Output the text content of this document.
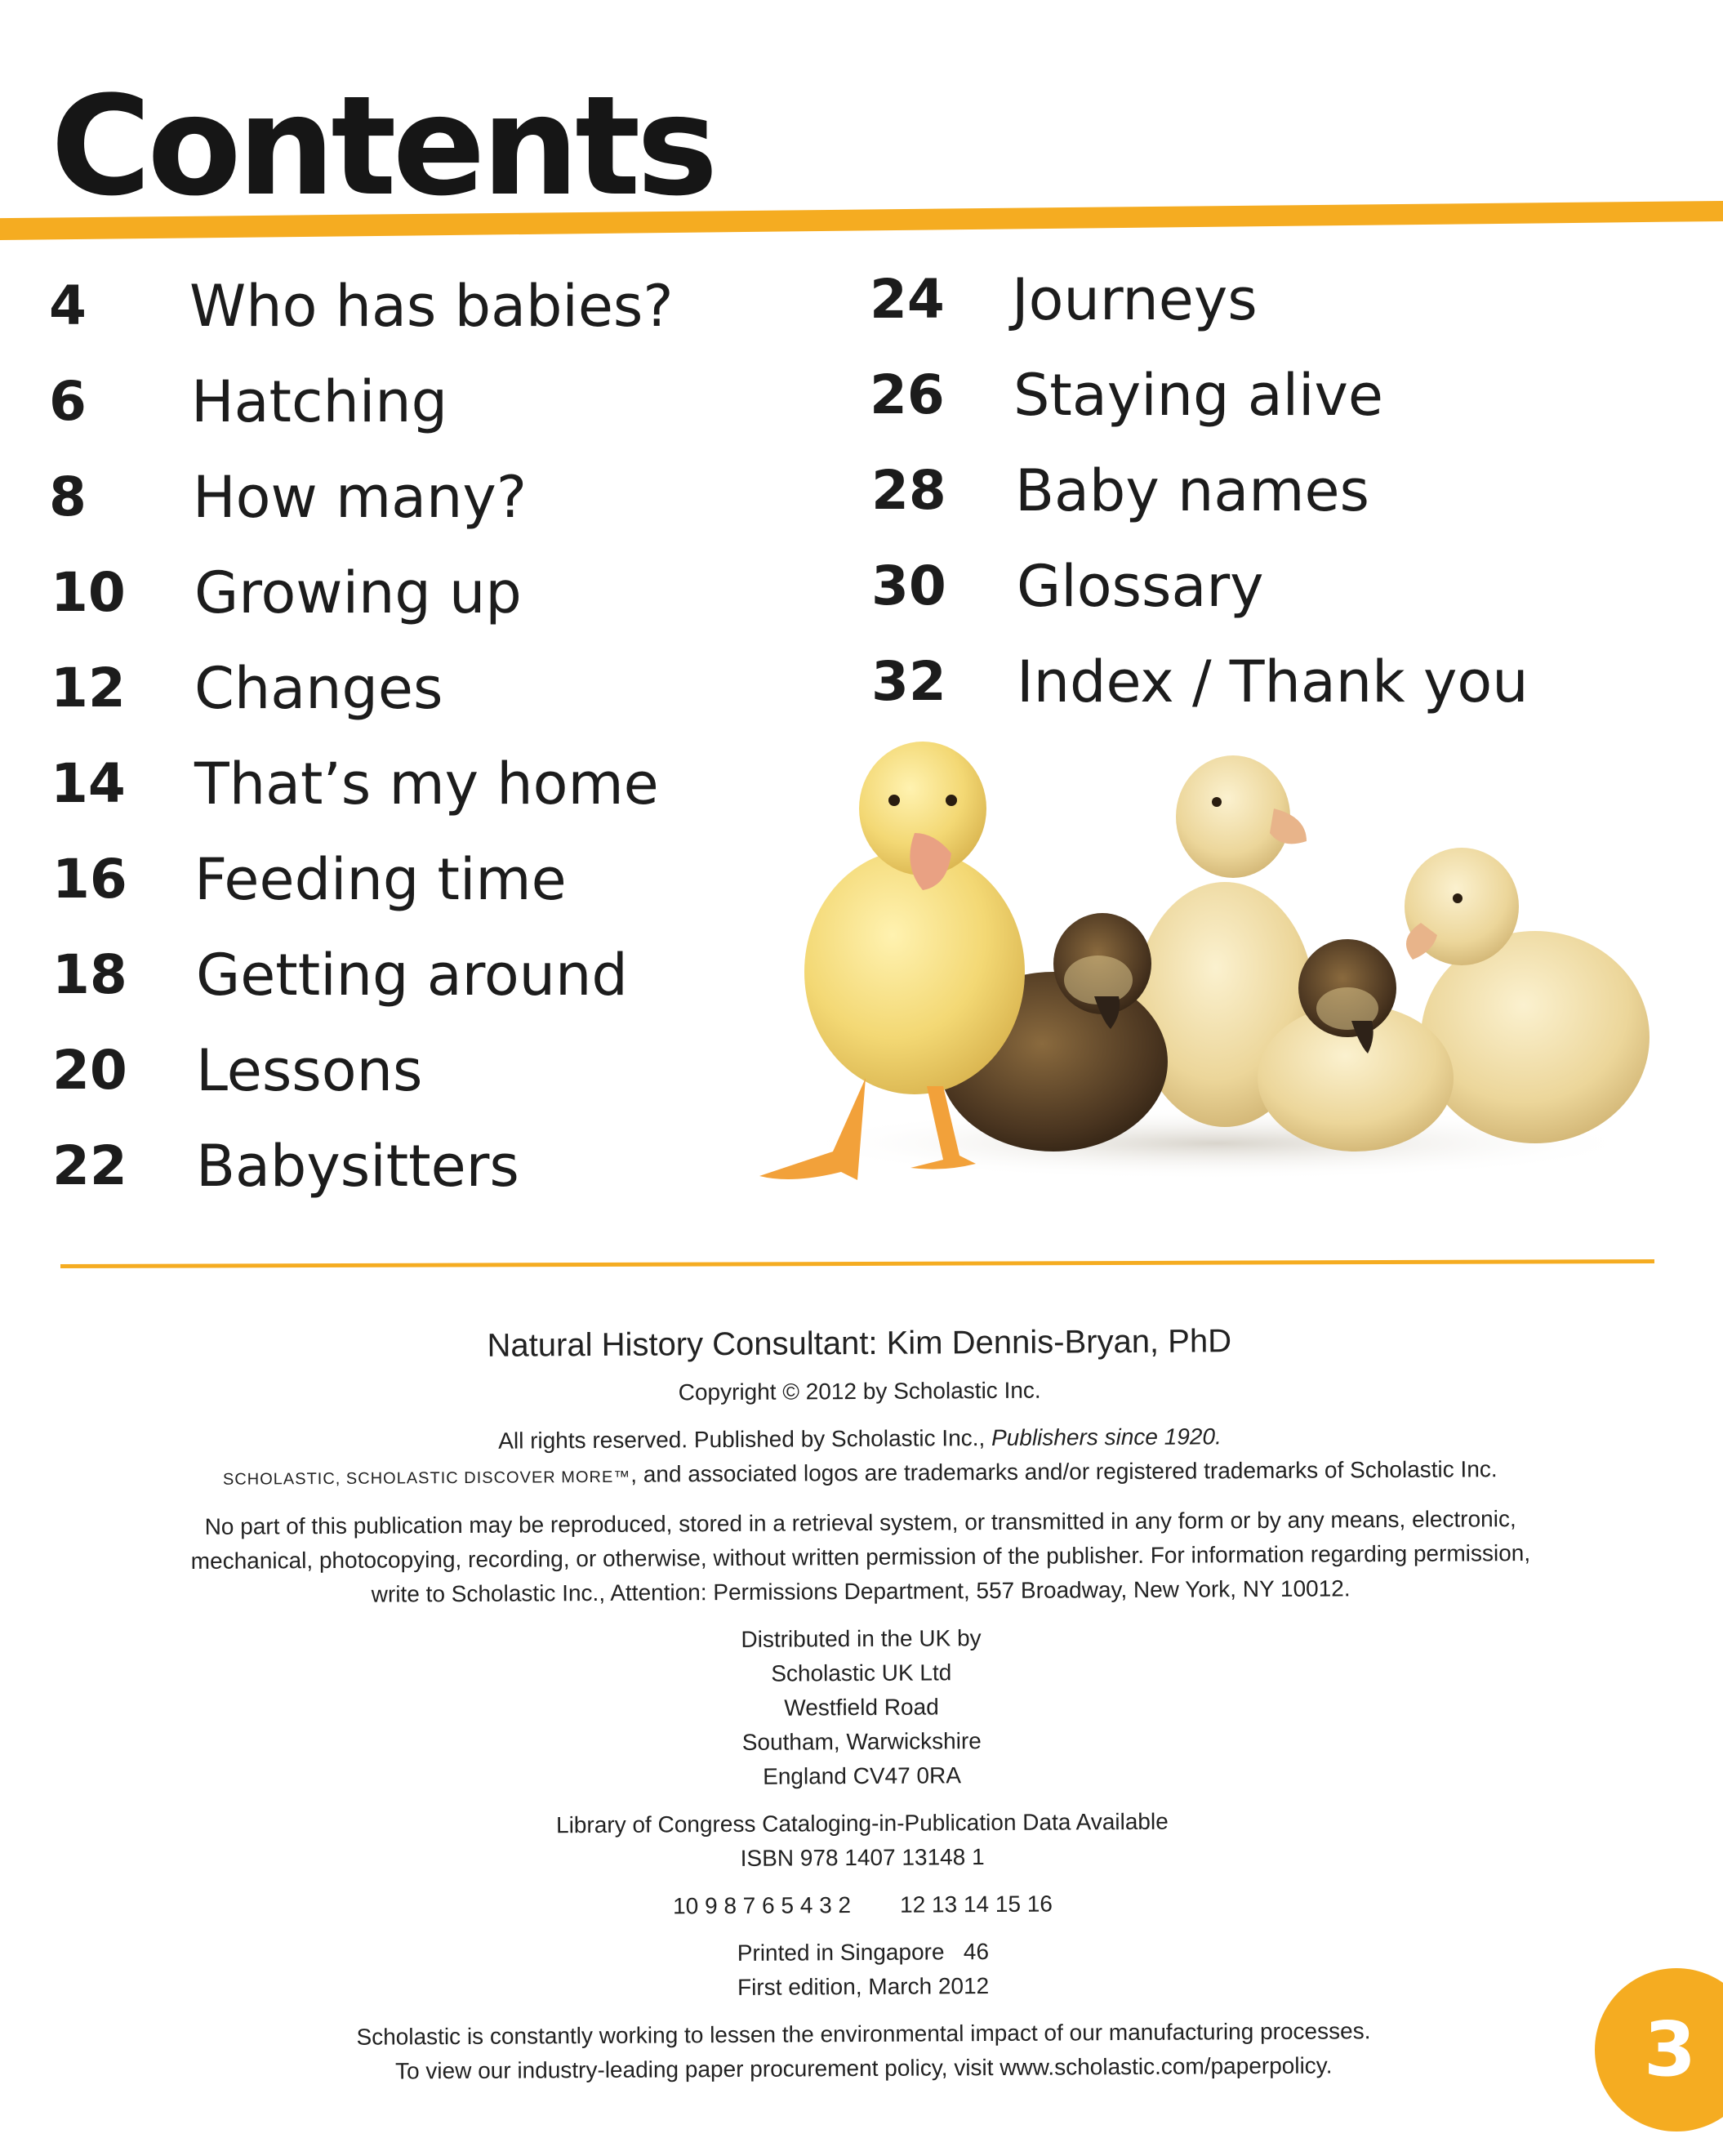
Contents
4 Who has babies?
6 Hatching
8 How many?
10 Growing up
12 Changes
14 That’s my home
16 Feeding time
18 Getting around
20 Lessons
22 Babysitters
24 Journeys
26 Staying alive
28 Baby names
30 Glossary
32 Index / Thank you

Natural History Consultant: Kim Dennis-Bryan, PhD

Copyright © 2012 by Scholastic Inc.

All rights reserved. Published by Scholastic Inc., Publishers since 1920.

SCHOLASTIC, SCHOLASTIC DISCOVER MORE™, and associated logos are trademarks and/or registered trademarks of Scholastic Inc.

No part of this publication may be reproduced, stored in a retrieval system, or transmitted in any form or by any means, electronic,

mechanical, photocopying, recording, or otherwise, without written permission of the publisher. For information regarding permission,

write to Scholastic Inc., Attention: Permissions Department, 557 Broadway, New York, NY 10012.

Distributed in the UK by

Scholastic UK Ltd

Westfield Road

Southam, Warwickshire

England CV47 0RA

Library of Congress Cataloging-in-Publication Data Available

ISBN 978 1407 13148 1

10 9 8 7 6 5 4 3 2 12 13 14 15 16

Printed in Singapore   46

First edition, March 2012

Scholastic is constantly working to lessen the environmental impact of our manufacturing processes.

To view our industry-leading paper procurement policy, visit www.scholastic.com/paperpolicy.	3
